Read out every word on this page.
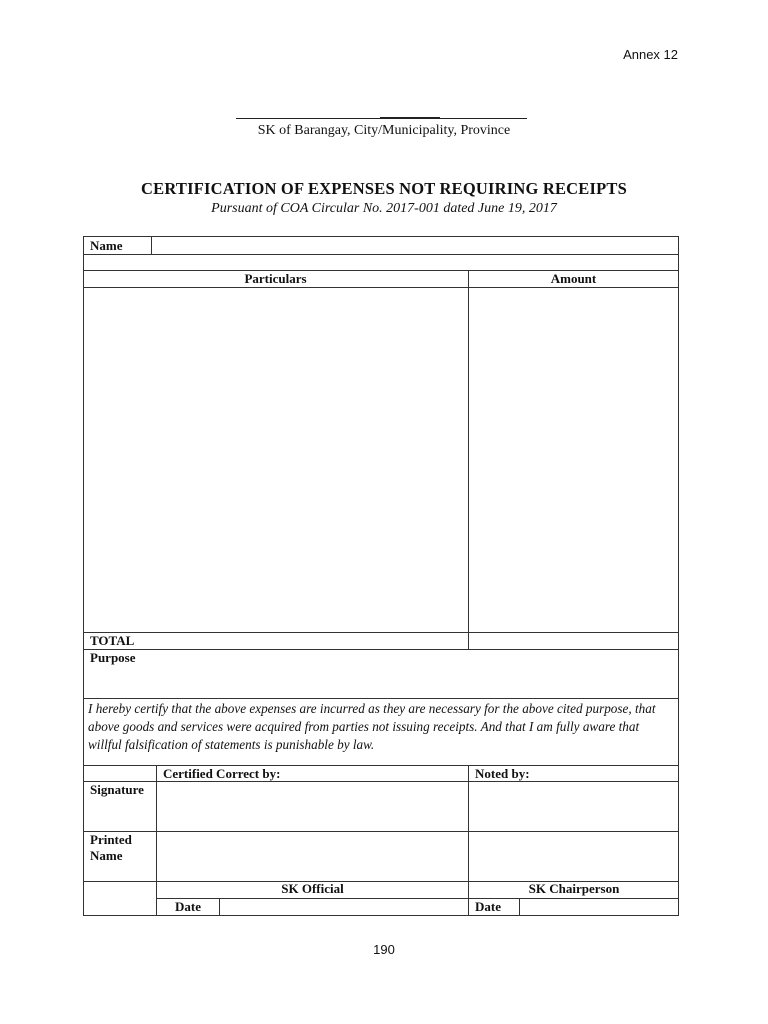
Annex 12
SK of Barangay, City/Municipality, Province
CERTIFICATION OF EXPENSES NOT REQUIRING RECEIPTS
Pursuant of COA Circular No. 2017-001 dated June 19, 2017
Name
Particulars	Amount
TOTAL
Purpose
I hereby certify that the above expenses are incurred as they are necessary for the above cited purpose, that above goods and services were acquired from parties not issuing receipts. And that I am fully aware that willful falsification of statements is punishable by law.
Certified Correct by:	Noted by:
Signature
Printed Name
SK Official	SK Chairperson
Date	Date
190
